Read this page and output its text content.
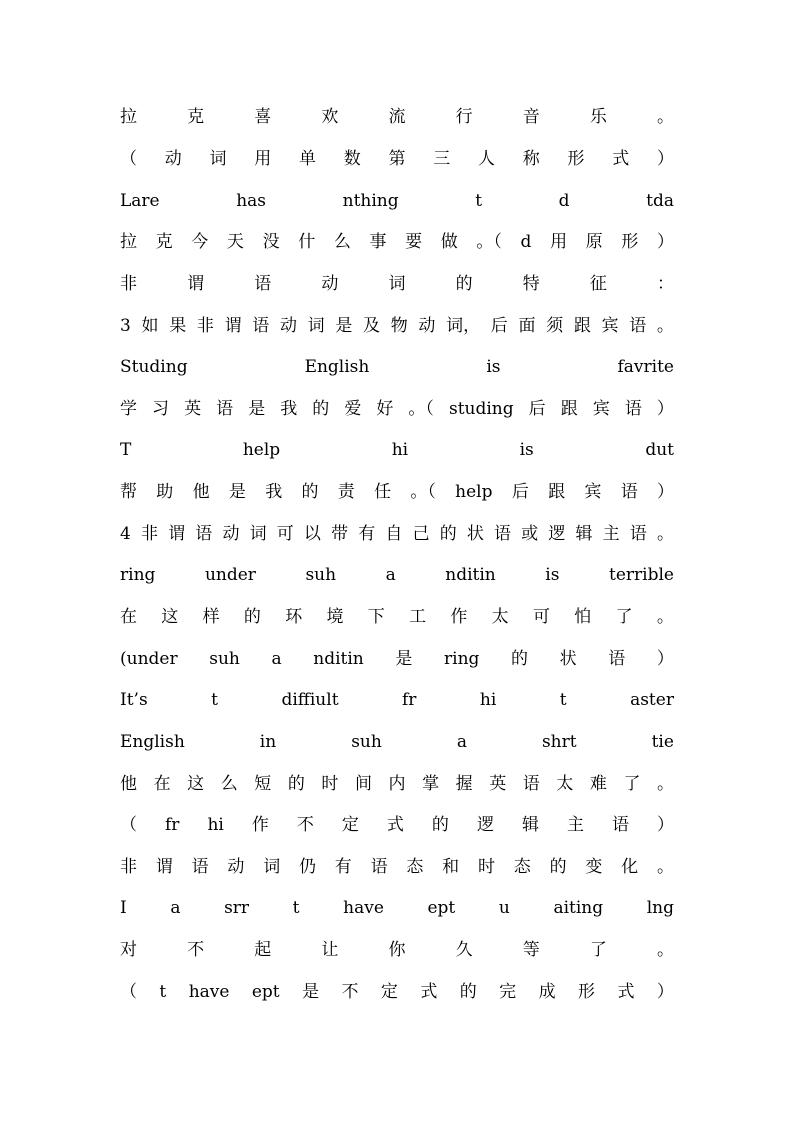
拉	克	喜	欢	流	行	音	乐	。
（ 动 词 用 单 数 第 三 人 称 形 式 ）
Lare	has	nthing	t	d	tda
拉 克 今 天 没 什 么 事 要 做 。（ d 用 原 形 ）
非	谓	语	动	词	的	特	征	：
3 如 果 非 谓 语 动 词 是 及 物 动 词， 后 面 须 跟 宾 语 。
Studing	English	is	favrite
学 习 英 语 是 我 的 爱 好 。（ studing 后 跟 宾 语 ）
T	help	hi	is	dut
帮 助 他 是 我 的 责 任 。（ help 后 跟 宾 语 ）
4 非 谓 语 动 词 可 以 带 有 自 己 的 状 语 或 逻 辑 主 语 。
ring	under	suh	a	nditin	is	terrible
在 这 样 的 环 境 下 工 作 太 可 怕 了 。
(under suh a nditin 是 ring 的 状 语 ）
It’s	t	diffiult	fr	hi	t	aster
English	in	suh	a	shrt	tie
他 在 这 么 短 的 时 间 内 掌 握 英 语 太 难 了 。
（ fr hi 作 不 定 式 的 逻 辑 主 语 ）
非 谓 语 动 词 仍 有 语 态 和 时 态 的 变 化 。
I	a	srr	t	have	ept	u	aiting	lng
对	不	起	让	你	久	等	了	。
（ t have ept 是 不 定 式 的 完 成 形 式 ）
